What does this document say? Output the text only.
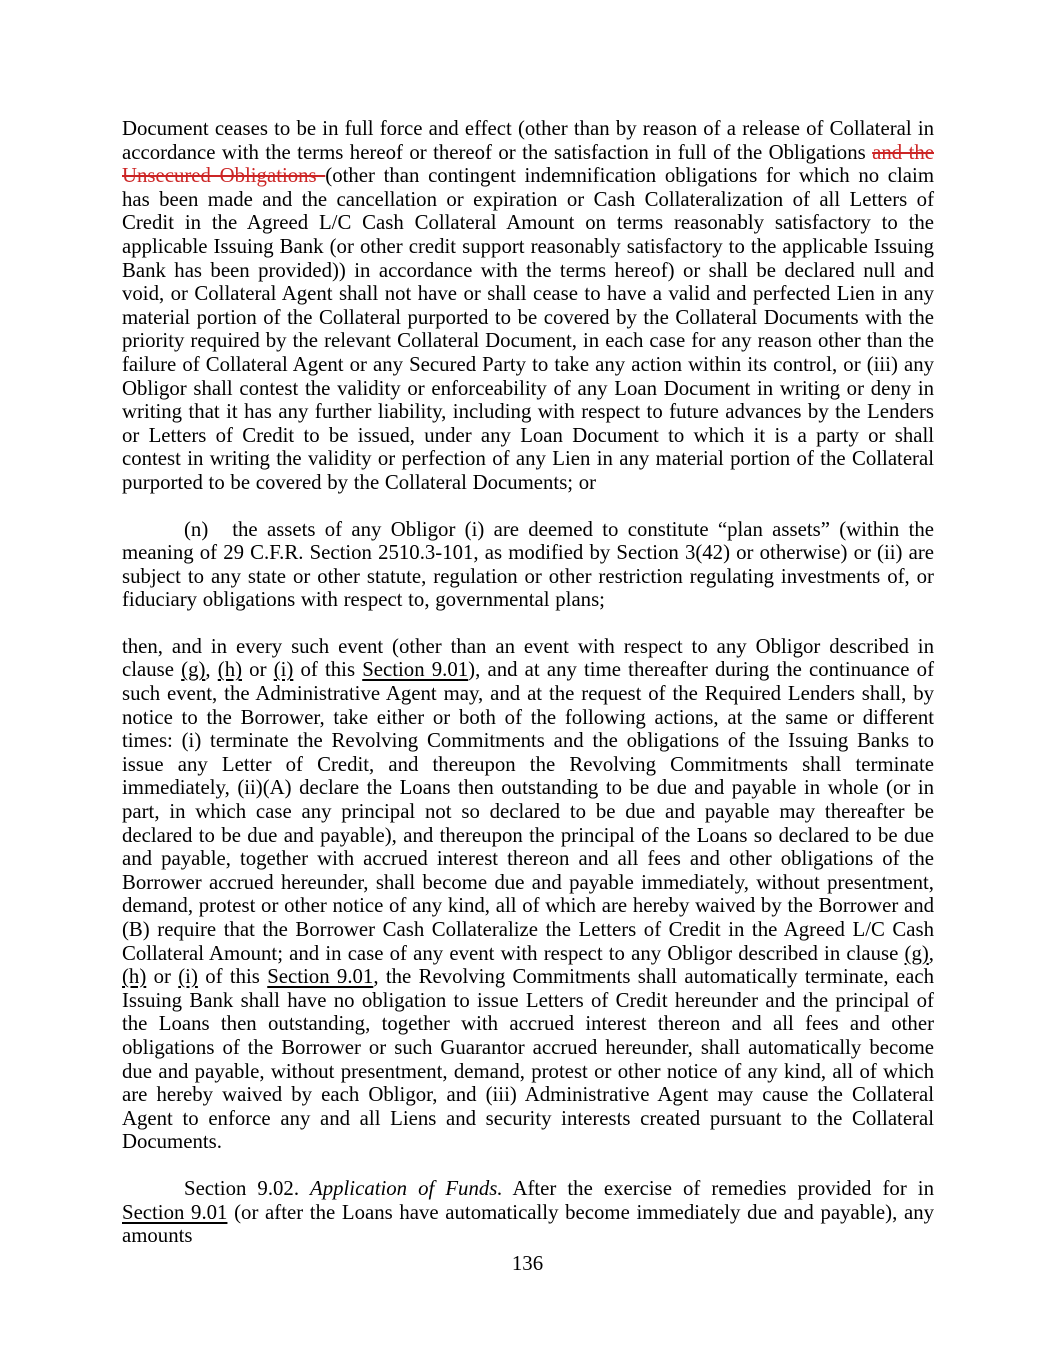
Document ceases to be in full force and effect (other than by reason of a release of Collateral in accordance with the terms hereof or thereof or the satisfaction in full of the Obligations and the Unsecured Obligations (other than contingent indemnification obligations for which no claim has been made and the cancellation or expiration or Cash Collateralization of all Letters of Credit in the Agreed L/C Cash Collateral Amount on terms reasonably satisfactory to the applicable Issuing Bank (or other credit support reasonably satisfactory to the applicable Issuing Bank has been provided)) in accordance with the terms hereof) or shall be declared null and void, or Collateral Agent shall not have or shall cease to have a valid and perfected Lien in any material portion of the Collateral purported to be covered by the Collateral Documents with the priority required by the relevant Collateral Document, in each case for any reason other than the failure of Collateral Agent or any Secured Party to take any action within its control, or (iii) any Obligor shall contest the validity or enforceability of any Loan Document in writing or deny in writing that it has any further liability, including with respect to future advances by the Lenders or Letters of Credit to be issued, under any Loan Document to which it is a party or shall contest in writing the validity or perfection of any Lien in any material portion of the Collateral purported to be covered by the Collateral Documents; or

(n) the assets of any Obligor (i) are deemed to constitute “plan assets” (within the meaning of 29 C.F.R. Section 2510.3-101, as modified by Section 3(42) or otherwise) or (ii) are subject to any state or other statute, regulation or other restriction regulating investments of, or fiduciary obligations with respect to, governmental plans;

then, and in every such event (other than an event with respect to any Obligor described in clause (g), (h) or (i) of this Section 9.01), and at any time thereafter during the continuance of such event, the Administrative Agent may, and at the request of the Required Lenders shall, by notice to the Borrower, take either or both of the following actions, at the same or different times: (i) terminate the Revolving Commitments and the obligations of the Issuing Banks to issue any Letter of Credit, and thereupon the Revolving Commitments shall terminate immediately, (ii)(A) declare the Loans then outstanding to be due and payable in whole (or in part, in which case any principal not so declared to be due and payable may thereafter be declared to be due and payable), and thereupon the principal of the Loans so declared to be due and payable, together with accrued interest thereon and all fees and other obligations of the Borrower accrued hereunder, shall become due and payable immediately, without presentment, demand, protest or other notice of any kind, all of which are hereby waived by the Borrower and (B) require that the Borrower Cash Collateralize the Letters of Credit in the Agreed L/C Cash Collateral Amount; and in case of any event with respect to any Obligor described in clause (g), (h) or (i) of this Section 9.01, the Revolving Commitments shall automatically terminate, each Issuing Bank shall have no obligation to issue Letters of Credit hereunder and the principal of the Loans then outstanding, together with accrued interest thereon and all fees and other obligations of the Borrower or such Guarantor accrued hereunder, shall automatically become due and payable, without presentment, demand, protest or other notice of any kind, all of which are hereby waived by each Obligor, and (iii) Administrative Agent may cause the Collateral Agent to enforce any and all Liens and security interests created pursuant to the Collateral Documents.

Section 9.02. Application of Funds. After the exercise of remedies provided for in Section 9.01 (or after the Loans have automatically become immediately due and payable), any amounts

136
